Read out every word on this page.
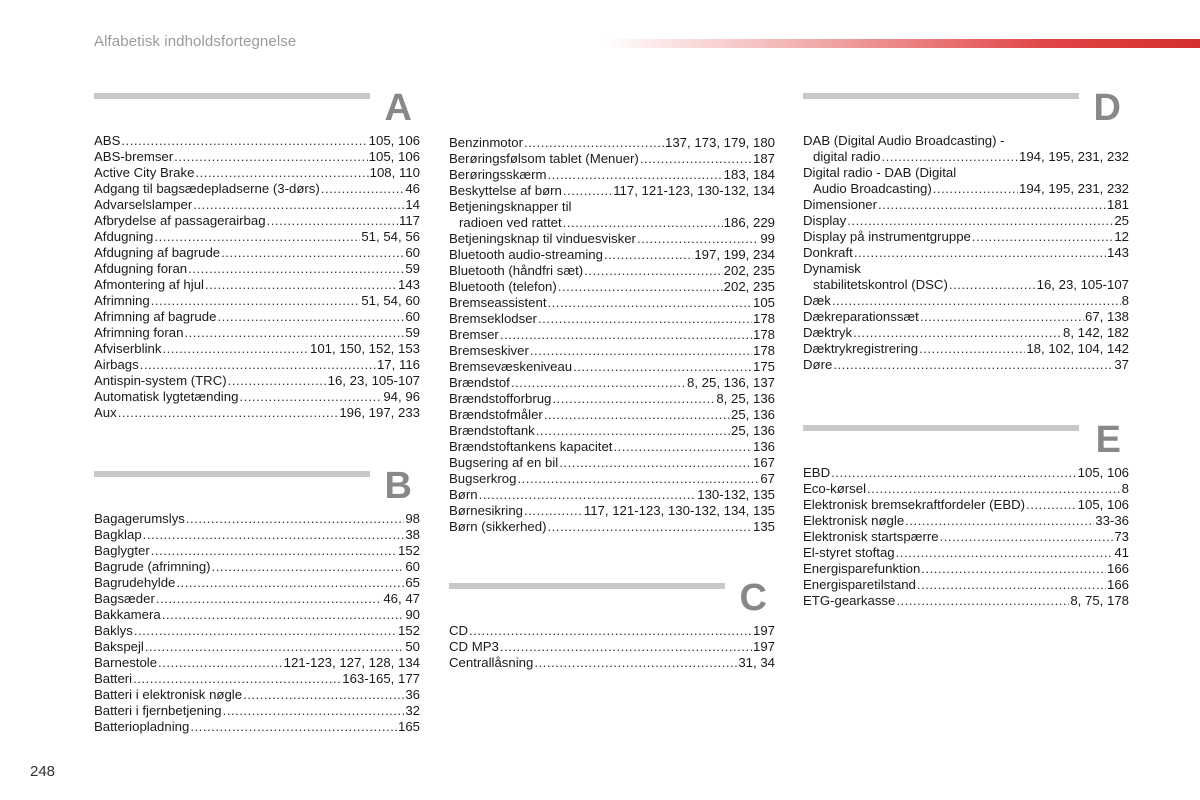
Alfabetisk indholdsfortegnelse
A
ABS .....	105, 106
ABS-bremser .....	105, 106
Active City Brake .....	108, 110
Adgang til bagsædepladserne (3-dørs) .....	46
Advarselslamper .....	14
Afbrydelse af passagerairbag .....	117
Afdugning .....	51, 54, 56
Afdugning af bagrude .....	60
Afdugning foran .....	59
Afmontering af hjul .....	143
Afrimning .....	51, 54, 60
Afrimning af bagrude .....	60
Afrimning foran .....	59
Afviserblink .....	101, 150, 152, 153
Airbags .....	17, 116
Antispin-system (TRC) .....	16, 23, 105-107
Automatisk lygtetænding .....	94, 96
Aux .....	196, 197, 233
B
Bagagerumslys .....	98
Bagklap .....	38
Baglygter .....	152
Bagrude (afrimning) .....	60
Bagrudehylde .....	65
Bagsæder .....	46, 47
Bakkamera .....	90
Baklys .....	152
Bakspejl .....	50
Barnestole .....	121-123, 127, 128, 134
Batteri .....	163-165, 177
Batteri i elektronisk nøgle .....	36
Batteri i fjernbetjening .....	32
Batteriopladning .....	165
Benzinmotor .....	137, 173, 179, 180
Berøringsfølsom tablet (Menuer) .....	187
Berøringsskærm .....	183, 184
Beskyttelse af børn .....	117, 121-123, 130-132, 134
Betjeningsknapper til
radioen ved rattet .....	186, 229
Betjeningsknap til vinduesvisker .....	99
Bluetooth audio-streaming .....	197, 199, 234
Bluetooth (håndfri sæt) .....	202, 235
Bluetooth (telefon) .....	202, 235
Bremseassistent .....	105
Bremseklodser .....	178
Bremser .....	178
Bremseskiver .....	178
Bremsevæskeniveau .....	175
Brændstof .....	8, 25, 136, 137
Brændstofforbrug .....	8, 25, 136
Brændstofmåler .....	25, 136
Brændstoftank .....	25, 136
Brændstoftankens kapacitet .....	136
Bugsering af en bil .....	167
Bugserkrog .....	67
Børn .....	130-132, 135
Børnesikring .....	117, 121-123, 130-132, 134, 135
Børn (sikkerhed) .....	135
C
CD .....	197
CD MP3 .....	197
Centrallåsning .....	31, 34
D
DAB (Digital Audio Broadcasting) -
digital radio .....	194, 195, 231, 232
Digital radio - DAB (Digital
Audio Broadcasting) .....	194, 195, 231, 232
Dimensioner .....	181
Display .....	25
Display på instrumentgruppe .....	12
Donkraft .....	143
Dynamisk
stabilitetskontrol (DSC) .....	16, 23, 105-107
Dæk .....	8
Dækreparationssæt .....	67, 138
Dæktryk .....	8, 142, 182
Dæktrykregistrering .....	18, 102, 104, 142
Døre .....	37
E
EBD .....	105, 106
Eco-kørsel .....	8
Elektronisk bremsekraftfordeler (EBD) .....	105, 106
Elektronisk nøgle .....	33-36
Elektronisk startspærre .....	73
El-styret stoftag .....	41
Energisparefunktion .....	166
Energisparetilstand .....	166
ETG-gearkasse .....	8, 75, 178
248
